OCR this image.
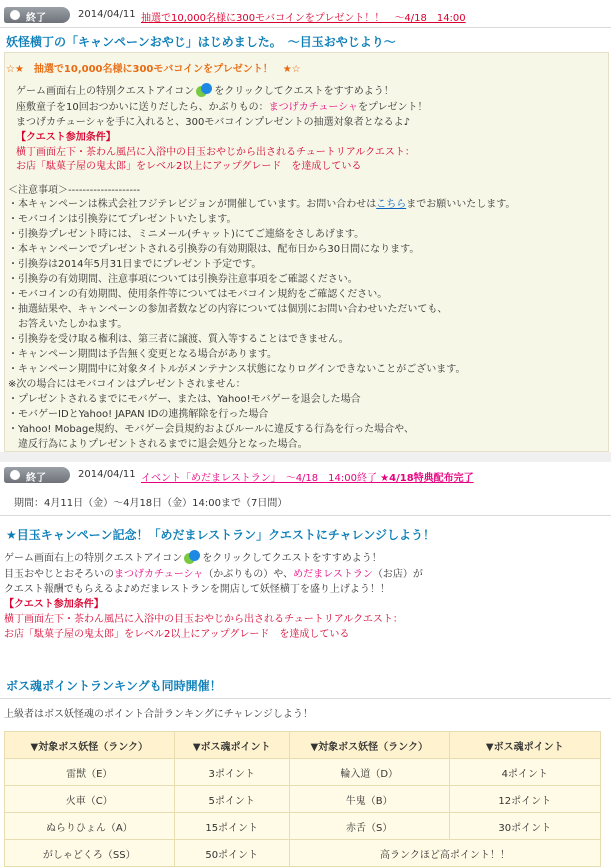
終了	2014/04/11 抽選で10,000名様に300モバコインをプレゼント！！　～4/18　14:00
妖怪横丁の「キャンペーンおやじ」はじめました。　～目玉おやじより～
☆★　抽選で10,000名様に300モバコインをプレゼント！　★☆
ゲーム画面右上の特別クエストアイコン をクリックしてクエストをすすめよう！
座敷童子を10回おつかいに送りだしたら、かぶりもの：まつげカチューシャをプレゼント！
まつげカチューシャを手に入れると、300モバコインプレゼントの抽選対象者となるよ♪
【クエスト参加条件】
横丁画面左下・茶わん風呂に入浴中の目玉おやじから出されるチュートリアルクエスト：
お店「駄菓子屋の鬼太郎」をレベル2以上にアップグレード　を達成している
＜注意事項＞--------------------
・本キャンペーンは株式会社フジテレビジョンが開催しています。お問い合わせはこちらまでお願いいたします。
・モバコインは引換券にてプレゼントいたします。
・引換券プレゼント時には、ミニメール(チャット)にてご連絡をさしあげます。
・本キャンペーンでプレゼントされる引換券の有効期限は、配布日から30日間になります。
・引換券は2014年5月31日までにプレゼント予定です。
・引換券の有効期間、注意事項については引換券注意事項をご確認ください。
・モバコインの有効期間、使用条件等についてはモバコイン規約をご確認ください。
・抽選結果や、キャンペーンの参加者数などの内容については個別にお問い合わせいただいても、
　お答えいたしかねます。
・引換券を受け取る権利は、第三者に譲渡、質入等することはできません。
・キャンペーン期間は予告無く変更となる場合があります。
・キャンペーン期間中に対象タイトルがメンテナンス状態になりログインできないことがございます。
※次の場合にはモバコインはプレゼントされません：
・プレゼントされるまでにモバゲー、または、Yahoo!モバゲーを退会した場合
・モバゲーIDとYahoo! JAPAN IDの連携解除を行った場合
・Yahoo! Mobage規約、モバゲー会員規約およびルールに違反する行為を行った場合や、
　違反行為によりプレゼントされるまでに退会処分となった場合。
終了	2014/04/11 イベント「めだまレストラン」　～4/18　14:00終了 ★4/18特典配布完了
期間：4月11日（金）～4月18日（金）14:00まで（7日間）
★目玉キャンペーン記念！「めだまレストラン」クエストにチャレンジしよう！
ゲーム画面右上の特別クエストアイコン をクリックしてクエストをすすめよう！
目玉おやじとおそろいのまつげカチューシャ（かぶりもの）や、めだまレストラン（お店）が
クエスト報酬でもらえるよ♪めだまレストランを開店して妖怪横丁を盛り上げよう！！
【クエスト参加条件】
横丁画面左下・茶わん風呂に入浴中の目玉おやじから出されるチュートリアルクエスト：
お店「駄菓子屋の鬼太郎」をレベル2以上にアップグレード　を達成している
ボス魂ポイントランキングも同時開催！
上級者はボス妖怪魂のポイント合計ランキングにチャレンジしよう！
▼対象ボス妖怪（ランク）	▼ボス魂ポイント	▼対象ボス妖怪（ランク）	▼ボス魂ポイント
雷獣（E）	3ポイント	輪入道（D）	4ポイント
火車（C）	5ポイント	牛鬼（B）	12ポイント
ぬらりひょん（A）	15ポイント	赤舌（S）	30ポイント
がしゃどくろ（SS）	50ポイント	高ランクほど高ポイント！！	
